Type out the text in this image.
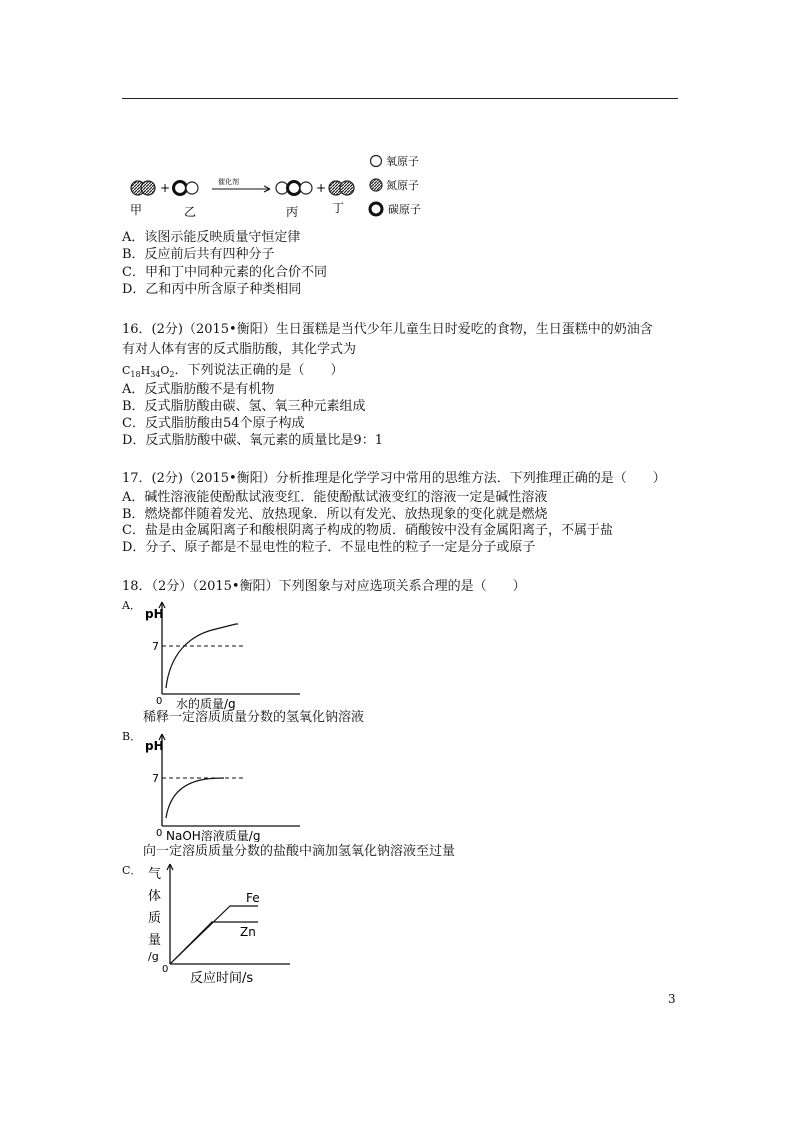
+	催化剂	+
甲	乙	丙	丁
氧原子
氮原子
碳原子
A．该图示能反映质量守恒定律
B．反应前后共有四种分子
C．甲和丁中同种元素的化合价不同
D．乙和丙中所含原子种类相同
16．(2分)（2015•衡阳）生日蛋糕是当代少年儿童生日时爱吃的食物，生日蛋糕中的奶油含
有对人体有害的反式脂肪酸，其化学式为
$C_{18}H_{34}O_2$．下列说法正确的是（　　）
A．反式脂肪酸不是有机物
B．反式脂肪酸由碳、氢、氧三种元素组成
C．反式脂肪酸由54个原子构成
D．反式脂肪酸中碳、氧元素的质量比是9：1
17．(2分)（2015•衡阳）分析推理是化学学习中常用的思维方法．下列推理正确的是（　　）
A．碱性溶液能使酚酞试液变红．能使酚酞试液变红的溶液一定是碱性溶液
B．燃烧都伴随着发光、放热现象．所以有发光、放热现象的变化就是燃烧
C．盐是由金属阳离子和酸根阴离子构成的物质．硝酸铵中没有金属阳离子，不属于盐
D．分子、原子都是不显电性的粒子．不显电性的粒子一定是分子或原子
18．（2分）（2015•衡阳）下列图象与对应选项关系合理的是（　　）
A．
pH
7
0 水的质量/g
稀释一定溶质质量分数的氢氧化钠溶液
B．
pH
7
0 NaOH溶液质量/g
向一定溶质质量分数的盐酸中滴加氢氧化钠溶液至过量
C． 气
体
质
量
/g
Fe
Zn
0
反应时间/s
3
